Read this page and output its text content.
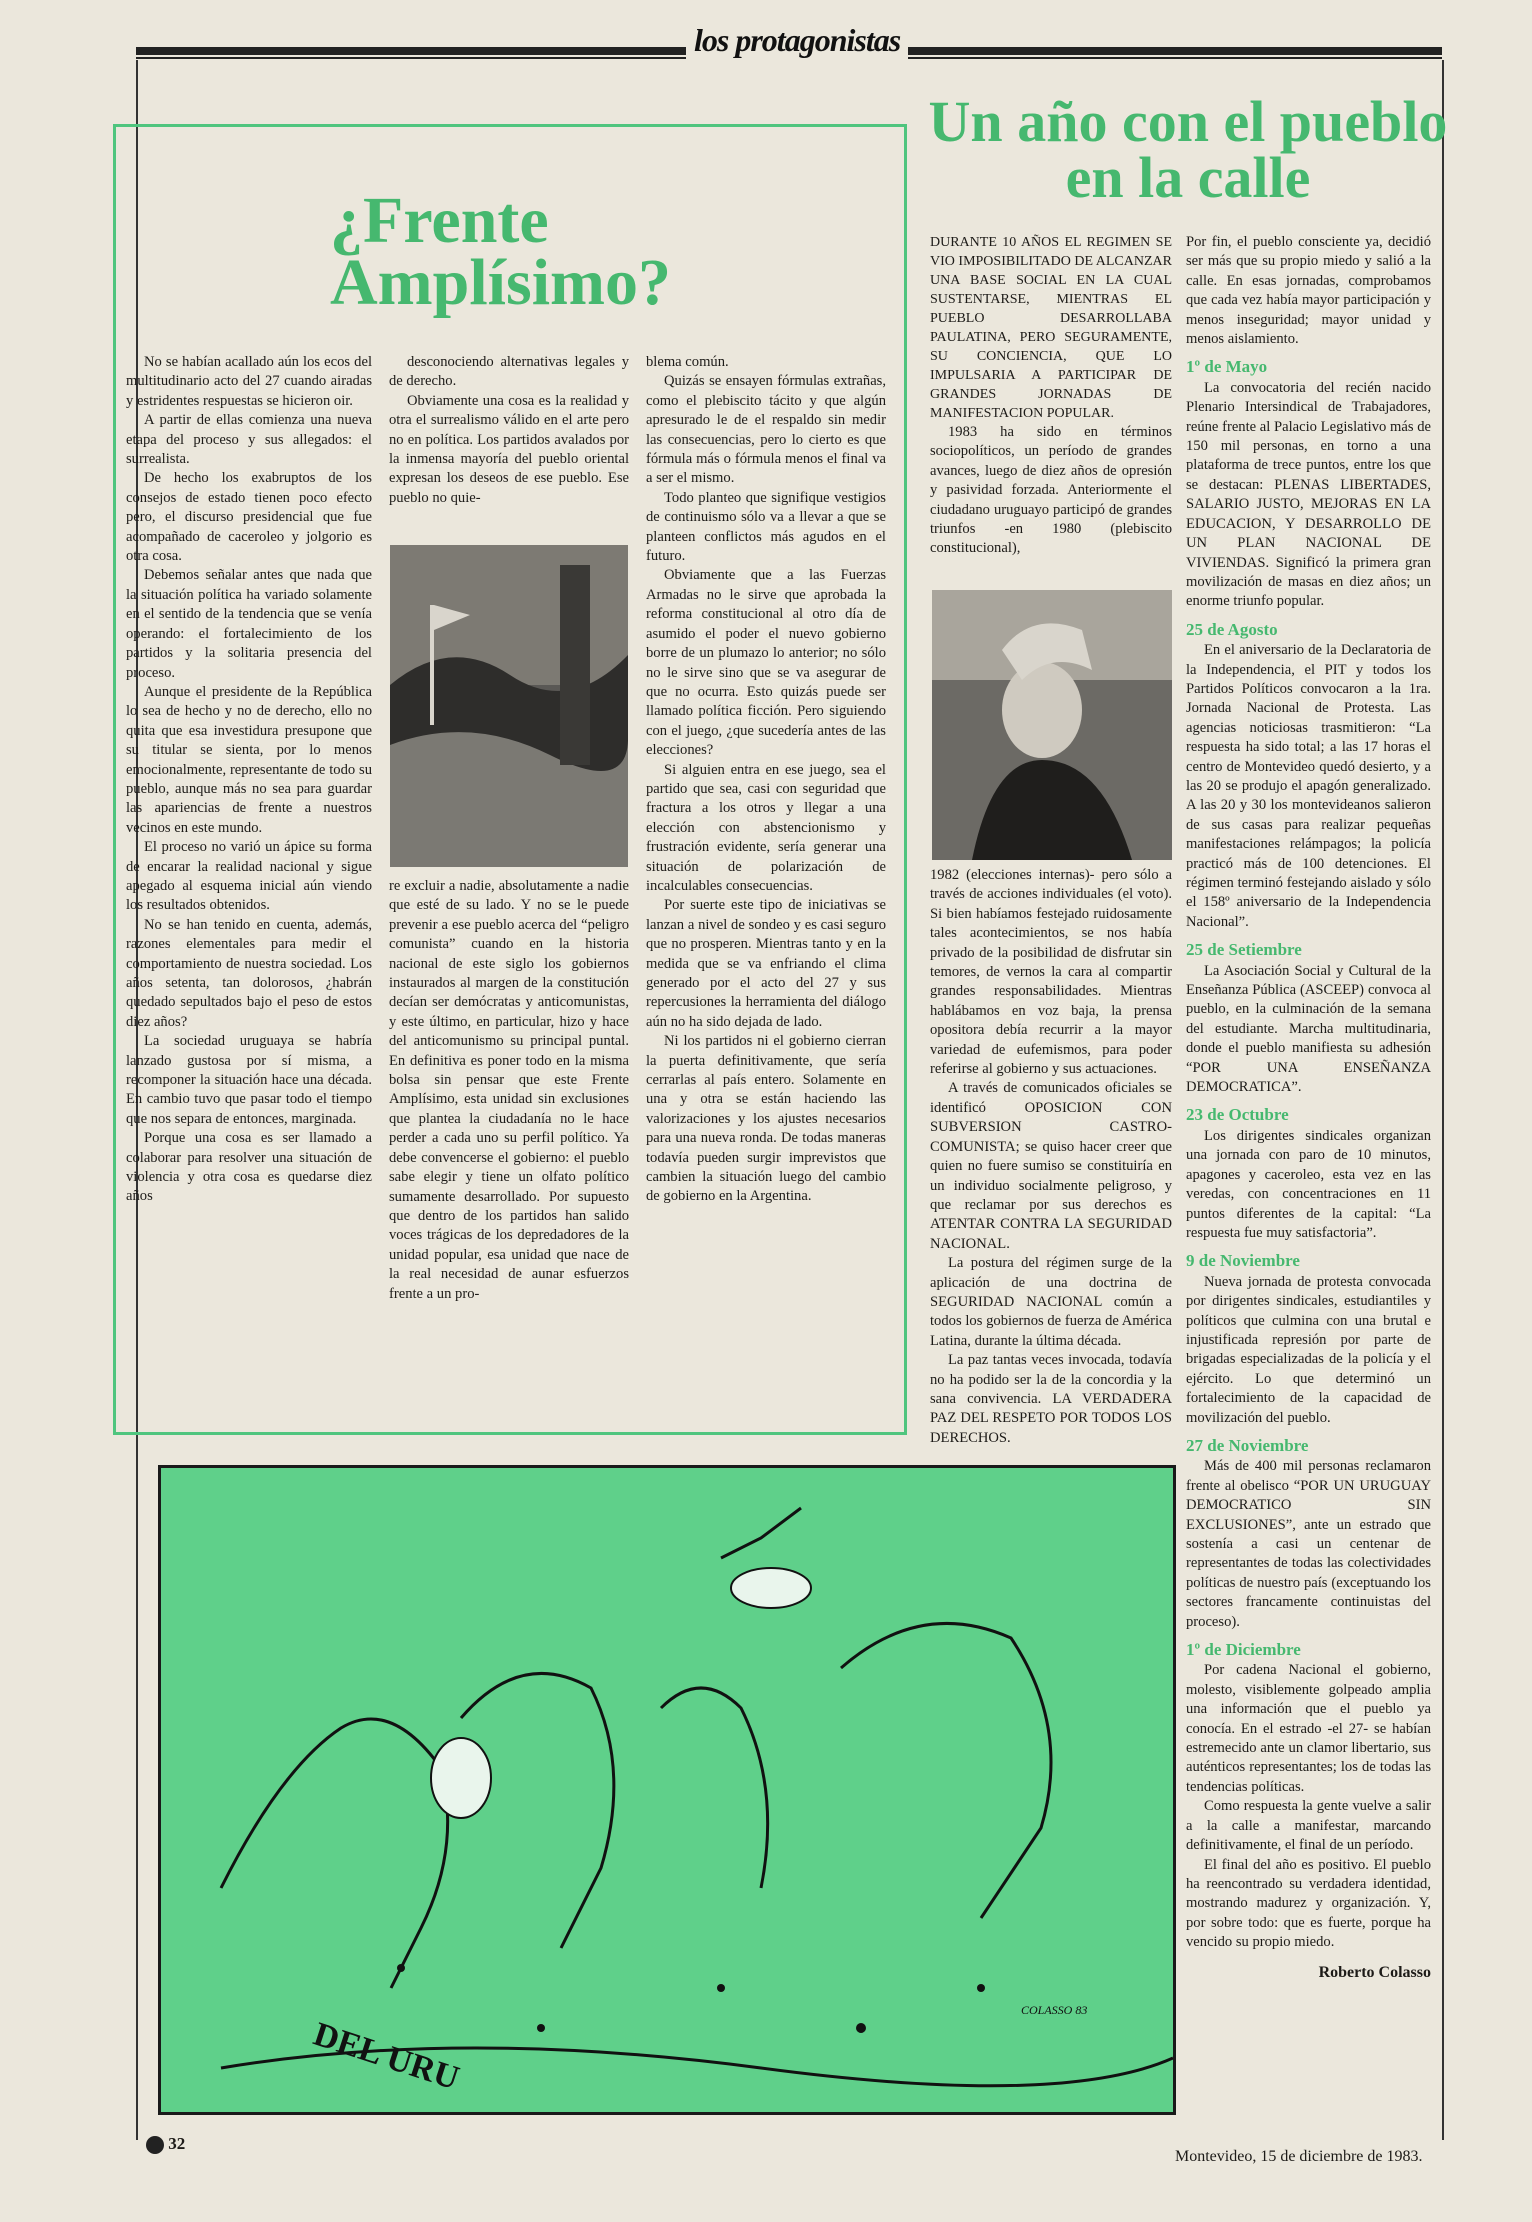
los protagonistas
¿Frente Amplísimo?

No se habían acallado aún los ecos del multitudinario acto del 27 cuando airadas y estridentes respuestas se hicieron oir.

A partir de ellas comienza una nueva etapa del proceso y sus allegados: el surrealista.

De hecho los exabruptos de los consejos de estado tienen poco efecto pero, el discurso presidencial que fue acompañado de caceroleo y jolgorio es otra cosa.

Debemos señalar antes que nada que la situación política ha variado solamente en el sentido de la tendencia que se venía operando: el fortalecimiento de los partidos y la solitaria presencia del proceso.

Aunque el presidente de la República lo sea de hecho y no de derecho, ello no quita que esa investidura presupone que su titular se sienta, por lo menos emocionalmente, representante de todo su pueblo, aunque más no sea para guardar las apariencias de frente a nuestros vecinos en este mundo.

El proceso no varió un ápice su forma de encarar la realidad nacional y sigue apegado al esquema inicial aún viendo los resultados obtenidos.

No se han tenido en cuenta, además, razones elementales para medir el comportamiento de nuestra sociedad. Los años setenta, tan dolorosos, ¿habrán quedado sepultados bajo el peso de estos diez años?

La sociedad uruguaya se habría lanzado gustosa por sí misma, a recomponer la situación hace una década. En cambio tuvo que pasar todo el tiempo que nos separa de entonces, marginada.

Porque una cosa es ser llamado a colaborar para resolver una situación de violencia y otra cosa es quedarse diez años

desconociendo alternativas legales y de derecho.

Obviamente una cosa es la realidad y otra el surrealismo válido en el arte pero no en política. Los partidos avalados por la inmensa mayoría del pueblo oriental expresan los deseos de ese pueblo. Ese pueblo no quie-

re excluir a nadie, absolutamente a nadie que esté de su lado. Y no se le puede prevenir a ese pueblo acerca del “peligro comunista” cuando en la historia nacional de este siglo los gobiernos instaurados al margen de la constitución decían ser demócratas y anticomunistas, y este último, en particular, hizo y hace del anticomunismo su principal puntal. En definitiva es poner todo en la misma bolsa sin pensar que este Frente Amplísimo, esta unidad sin exclusiones que plantea la ciudadanía no le hace perder a cada uno su perfil político. Ya debe convencerse el gobierno: el pueblo sabe elegir y tiene un olfato político sumamente desarrollado. Por supuesto que dentro de los partidos han salido voces trágicas de los depredadores de la unidad popular, esa unidad que nace de la real necesidad de aunar esfuerzos frente a un pro-

blema común.

Quizás se ensayen fórmulas extrañas, como el plebiscito tácito y que algún apresurado le de el respaldo sin medir las consecuencias, pero lo cierto es que fórmula más o fórmula menos el final va a ser el mismo.

Todo planteo que signifique vestigios de continuismo sólo va a llevar a que se planteen conflictos más agudos en el futuro.

Obviamente que a las Fuerzas Armadas no le sirve que aprobada la reforma constitucional al otro día de asumido el poder el nuevo gobierno borre de un plumazo lo anterior; no sólo no le sirve sino que se va asegurar de que no ocurra. Esto quizás puede ser llamado política ficción. Pero siguiendo con el juego, ¿que sucedería antes de las elecciones?

Si alguien entra en ese juego, sea el partido que sea, casi con seguridad que fractura a los otros y llegar a una elección con abstencionismo y frustración evidente, sería generar una situación de polarización de incalculables consecuencias.

Por suerte este tipo de iniciativas se lanzan a nivel de sondeo y es casi seguro que no prosperen. Mientras tanto y en la medida que se va enfriando el clima generado por el acto del 27 y sus repercusiones la herramienta del diálogo aún no ha sido dejada de lado.

Ni los partidos ni el gobierno cierran la puerta definitivamente, que sería cerrarlas al país entero. Solamente en una y otra se están haciendo las valorizaciones y los ajustes necesarios para una nueva ronda. De todas maneras todavía pueden surgir imprevistos que cambien la situación luego del cambio de gobierno en la Argentina.

Un año con el pueblo en la calle

DURANTE 10 AÑOS EL REGIMEN SE VIO IMPOSIBILITADO DE ALCANZAR UNA BASE SOCIAL EN LA CUAL SUSTENTARSE, MIENTRAS EL PUEBLO DESARROLLABA PAULATINA, PERO SEGURAMENTE, SU CONCIENCIA, QUE LO IMPULSARIA A PARTICIPAR DE GRANDES JORNADAS DE MANIFESTACION POPULAR.

1983 ha sido en términos sociopolíticos, un período de grandes avances, luego de diez años de opresión y pasividad forzada. Anteriormente el ciudadano uruguayo participó de grandes triunfos -en 1980 (plebiscito constitucional),

1982 (elecciones internas)- pero sólo a través de acciones individuales (el voto). Si bien habíamos festejado ruidosamente tales acontecimientos, se nos había privado de la posibilidad de disfrutar sin temores, de vernos la cara al compartir grandes responsabilidades. Mientras hablábamos en voz baja, la prensa opositora debía recurrir a la mayor variedad de eufemismos, para poder referirse al gobierno y sus actuaciones.

A través de comunicados oficiales se identificó OPOSICION CON SUBVERSION CASTRO-COMUNISTA; se quiso hacer creer que quien no fuere sumiso se constituiría en un individuo socialmente peligroso, y que reclamar por sus derechos es ATENTAR CONTRA LA SEGURIDAD NACIONAL.

La postura del régimen surge de la aplicación de una doctrina de SEGURIDAD NACIONAL común a todos los gobiernos de fuerza de América Latina, durante la última década.

La paz tantas veces invocada, todavía no ha podido ser la de la concordia y la sana convivencia. LA VERDADERA PAZ DEL RESPETO POR TODOS LOS DERECHOS.

Por fin, el pueblo consciente ya, decidió ser más que su propio miedo y salió a la calle. En esas jornadas, comprobamos que cada vez había mayor participación y menos inseguridad; mayor unidad y menos aislamiento.

1º de Mayo

La convocatoria del recién nacido Plenario Intersindical de Trabajadores, reúne frente al Palacio Legislativo más de 150 mil personas, en torno a una plataforma de trece puntos, entre los que se destacan: PLENAS LIBERTADES, SALARIO JUSTO, MEJORAS EN LA EDUCACION, Y DESARROLLO DE UN PLAN NACIONAL DE VIVIENDAS. Significó la primera gran movilización de masas en diez años; un enorme triunfo popular.

25 de Agosto

En el aniversario de la Declaratoria de la Independencia, el PIT y todos los Partidos Políticos convocaron a la 1ra. Jornada Nacional de Protesta. Las agencias noticiosas trasmitieron: “La respuesta ha sido total; a las 17 horas el centro de Montevideo quedó desierto, y a las 20 se produjo el apagón generalizado. A las 20 y 30 los montevideanos salieron de sus casas para realizar pequeñas manifestaciones relámpagos; la policía practicó más de 100 detenciones. El régimen terminó festejando aislado y sólo el 158º aniversario de la Independencia Nacional”.

25 de Setiembre

La Asociación Social y Cultural de la Enseñanza Pública (ASCEEP) convoca al pueblo, en la culminación de la semana del estudiante. Marcha multitudinaria, donde el pueblo manifiesta su adhesión “POR UNA ENSEÑANZA DEMOCRATICA”.

23 de Octubre

Los dirigentes sindicales organizan una jornada con paro de 10 minutos, apagones y caceroleo, esta vez en las veredas, con concentraciones en 11 puntos diferentes de la capital: “La respuesta fue muy satisfactoria”.

9 de Noviembre

Nueva jornada de protesta convocada por dirigentes sindicales, estudiantiles y políticos que culmina con una brutal e injustificada represión por parte de brigadas especializadas de la policía y el ejército. Lo que determinó un fortalecimiento de la capacidad de movilización del pueblo.

27 de Noviembre

Más de 400 mil personas reclamaron frente al obelisco “POR UN URUGUAY DEMOCRATICO SIN EXCLUSIONES”, ante un estrado que sostenía a casi un centenar de representantes de todas las colectividades políticas de nuestro país (exceptuando los sectores francamente continuistas del proceso).

1º de Diciembre

Por cadena Nacional el gobierno, molesto, visiblemente golpeado amplia una información que el pueblo ya conocía. En el estrado -el 27- se habían estremecido ante un clamor libertario, sus auténticos representantes; los de todas las tendencias políticas.

Como respuesta la gente vuelve a salir a la calle a manifestar, marcando definitivamente, el final de un período.

El final del año es positivo. El pueblo ha reencontrado su verdadera identidad, mostrando madurez y organización. Y, por sobre todo: que es fuerte, porque ha vencido su propio miedo.

Roberto Colasso
DEL URU
COLASSO 83
32
Montevideo, 15 de diciembre de 1983.
